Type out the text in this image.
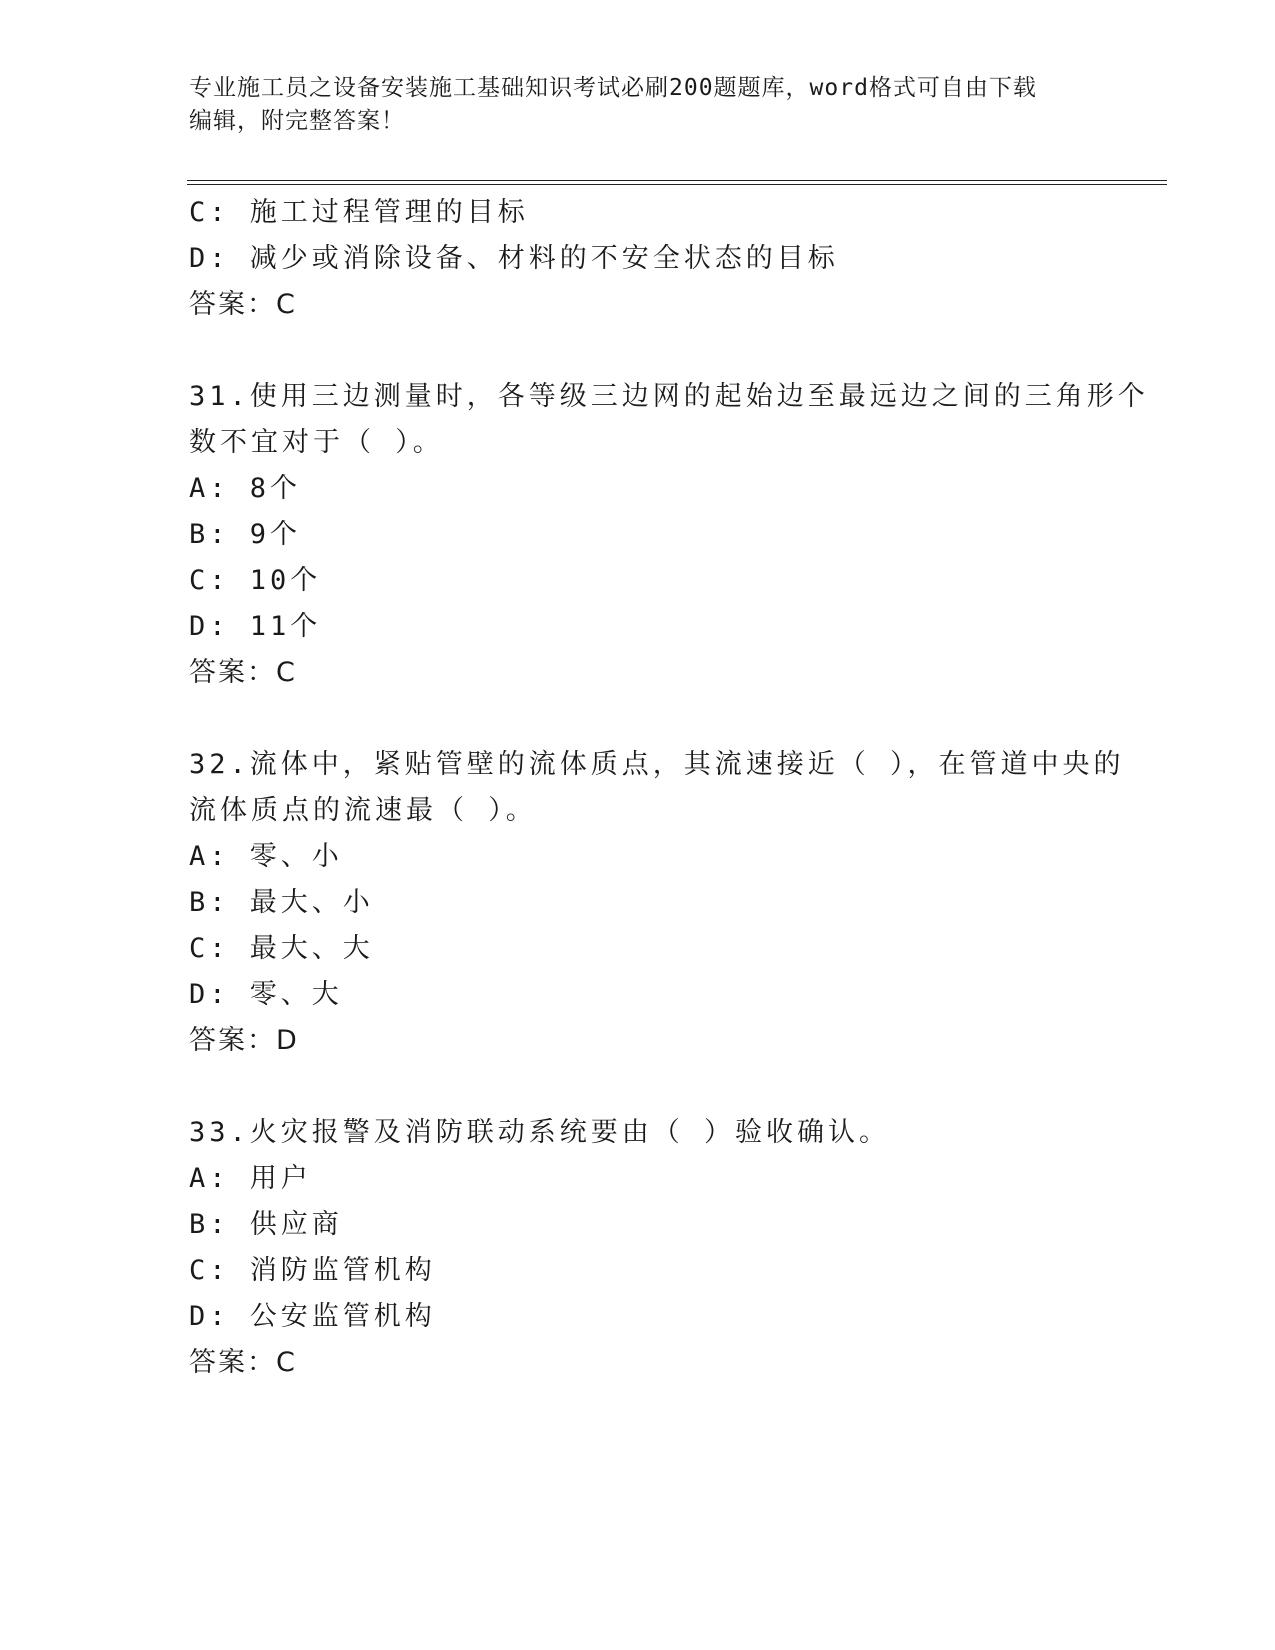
专业施工员之设备安装施工基础知识考试必刷200题题库，word格式可自由下载
编辑，附完整答案！
C: 施工过程管理的目标
D: 减少或消除设备、材料的不安全状态的目标
答案：C
31.使用三边测量时，各等级三边网的起始边至最远边之间的三角形个
数不宜对于（ ）。
A: 8个
B: 9个
C: 10个
D: 11个
答案：C
32.流体中，紧贴管壁的流体质点，其流速接近（ ），在管道中央的
流体质点的流速最（ ）。
A: 零、小
B: 最大、小
C: 最大、大
D: 零、大
答案：D
33.火灾报警及消防联动系统要由（ ）验收确认。
A: 用户
B: 供应商
C: 消防监管机构
D: 公安监管机构
答案：C
